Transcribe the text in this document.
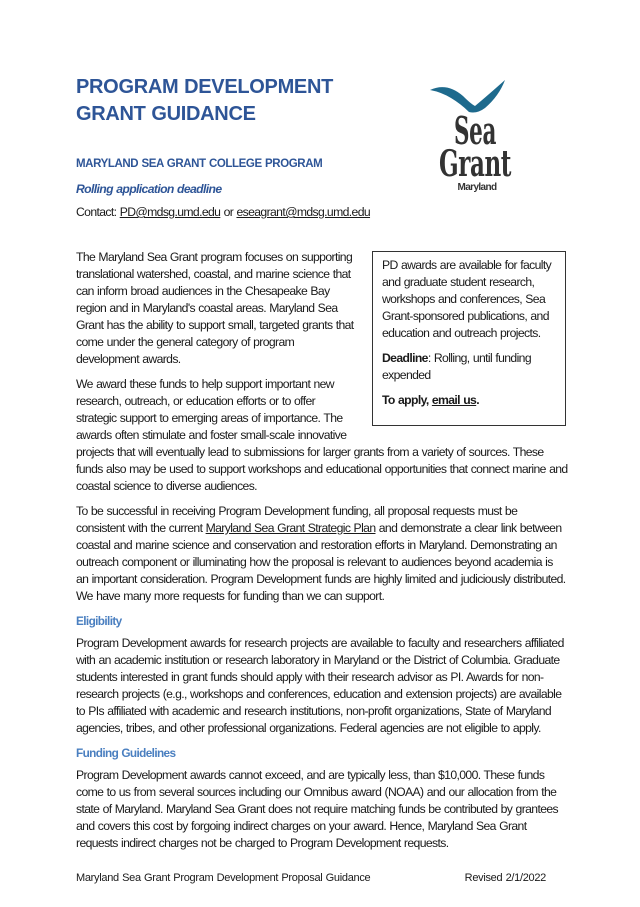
PROGRAM DEVELOPMENT GRANT GUIDANCE
MARYLAND SEA GRANT COLLEGE PROGRAM
Rolling application deadline
Contact: PD@mdsg.umd.edu or eseagrant@mdsg.umd.edu
Sea
Grant
Maryland

PD awards are available for faculty and graduate student research, workshops and conferences, Sea Grant-sponsored publications, and education and outreach projects.

Deadline: Rolling, until funding expended

To apply, email us.

The Maryland Sea Grant program focuses on supporting translational watershed, coastal, and marine science that can inform broad audiences in the Chesapeake Bay region and in Maryland's coastal areas. Maryland Sea Grant has the ability to support small, targeted grants that come under the general category of program development awards.

We award these funds to help support important new research, outreach, or education efforts or to offer strategic support to emerging areas of importance. The awards often stimulate and foster small-scale innovative projects that will eventually lead to submissions for larger grants from a variety of sources. These funds also may be used to support workshops and educational opportunities that connect marine and coastal science to diverse audiences.

To be successful in receiving Program Development funding, all proposal requests must be consistent with the current Maryland Sea Grant Strategic Plan and demonstrate a clear link between coastal and marine science and conservation and restoration efforts in Maryland. Demonstrating an outreach component or illuminating how the proposal is relevant to audiences beyond academia is an important consideration. Program Development funds are highly limited and judiciously distributed. We have many more requests for funding than we can support.

Eligibility

Program Development awards for research projects are available to faculty and researchers affiliated with an academic institution or research laboratory in Maryland or the District of Columbia. Graduate students interested in grant funds should apply with their research advisor as PI. Awards for non-research projects (e.g., workshops and conferences, education and extension projects) are available to PIs affiliated with academic and research institutions, non-profit organizations, State of Maryland agencies, tribes, and other professional organizations. Federal agencies are not eligible to apply.

Funding Guidelines

Program Development awards cannot exceed, and are typically less, than $10,000. These funds come to us from several sources including our Omnibus award (NOAA) and our allocation from the state of Maryland. Maryland Sea Grant does not require matching funds be contributed by grantees and covers this cost by forgoing indirect charges on your award. Hence, Maryland Sea Grant requests indirect charges not be charged to Program Development requests.

Maryland Sea Grant Program Development Proposal Guidance	Revised 2/1/2022
